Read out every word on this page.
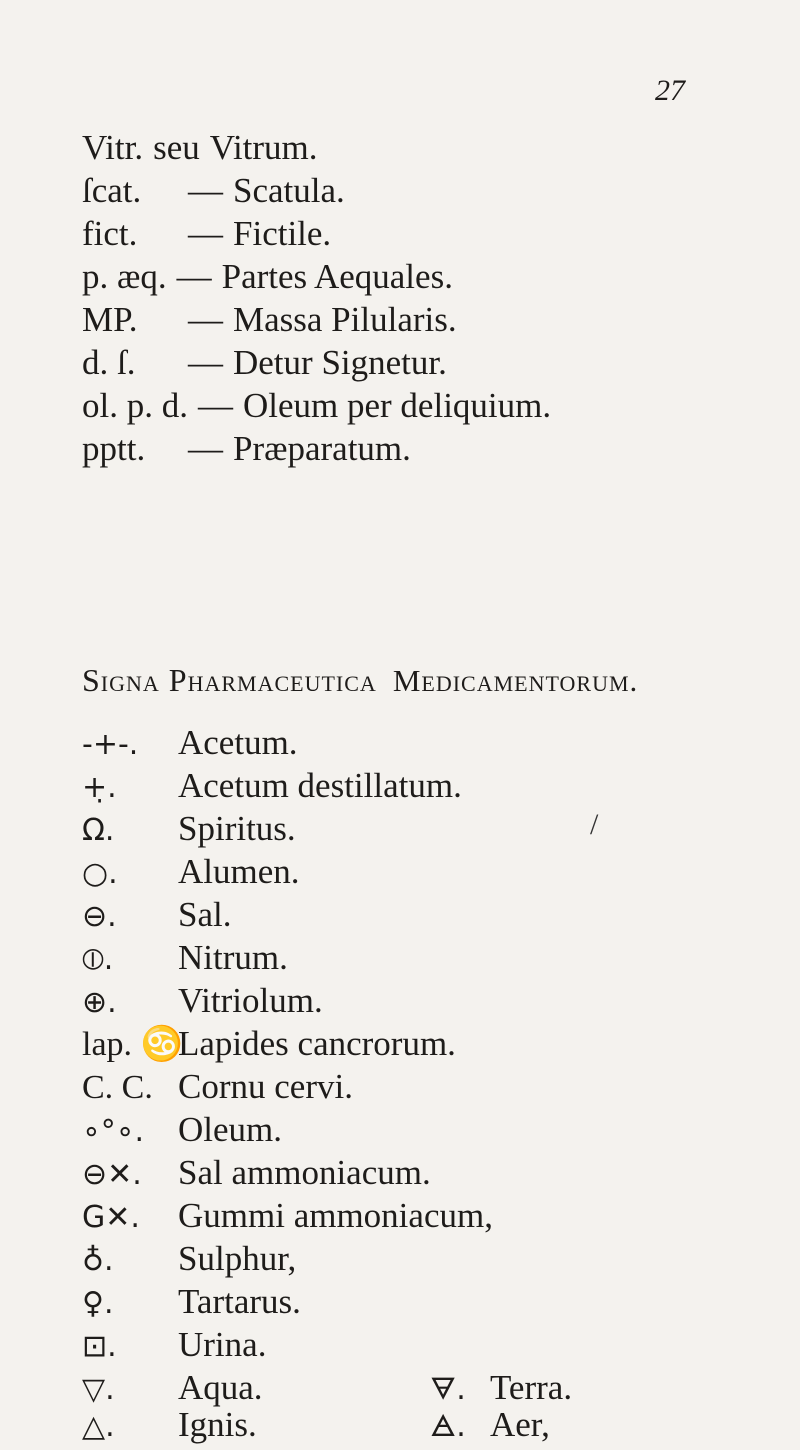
27
Vitr. seu Vitrum.
ſcat. — Scatula.
fict. — Fictile.
p. æq. — Partes Aequales.
MP. — Massa Pilularis.
d. ſ. — Detur Signetur.
ol. p. d. — Oleum per deliquium.
pptt. — Præparatum.
Signa Pharmaceutica Medicamentorum.
-+-. Acetum.
+̣. Acetum destillatum.
Ω. Spiritus.
○. Alumen.
⊖. Sal.
⦶. Nitrum.
⊕. Vitriolum.
lap. ♋Lapides cancrorum.
C. C. Cornu cervi.
∘°∘. Oleum.
⊖✕. Sal ammoniacum.
G✕. Gummi ammoniacum,
♁. Sulphur,
♀. Tartarus.
⊡. Urina.
▽. Aqua.	🜃. Terra.
△. Ignis.	🜁. Aer,
/
